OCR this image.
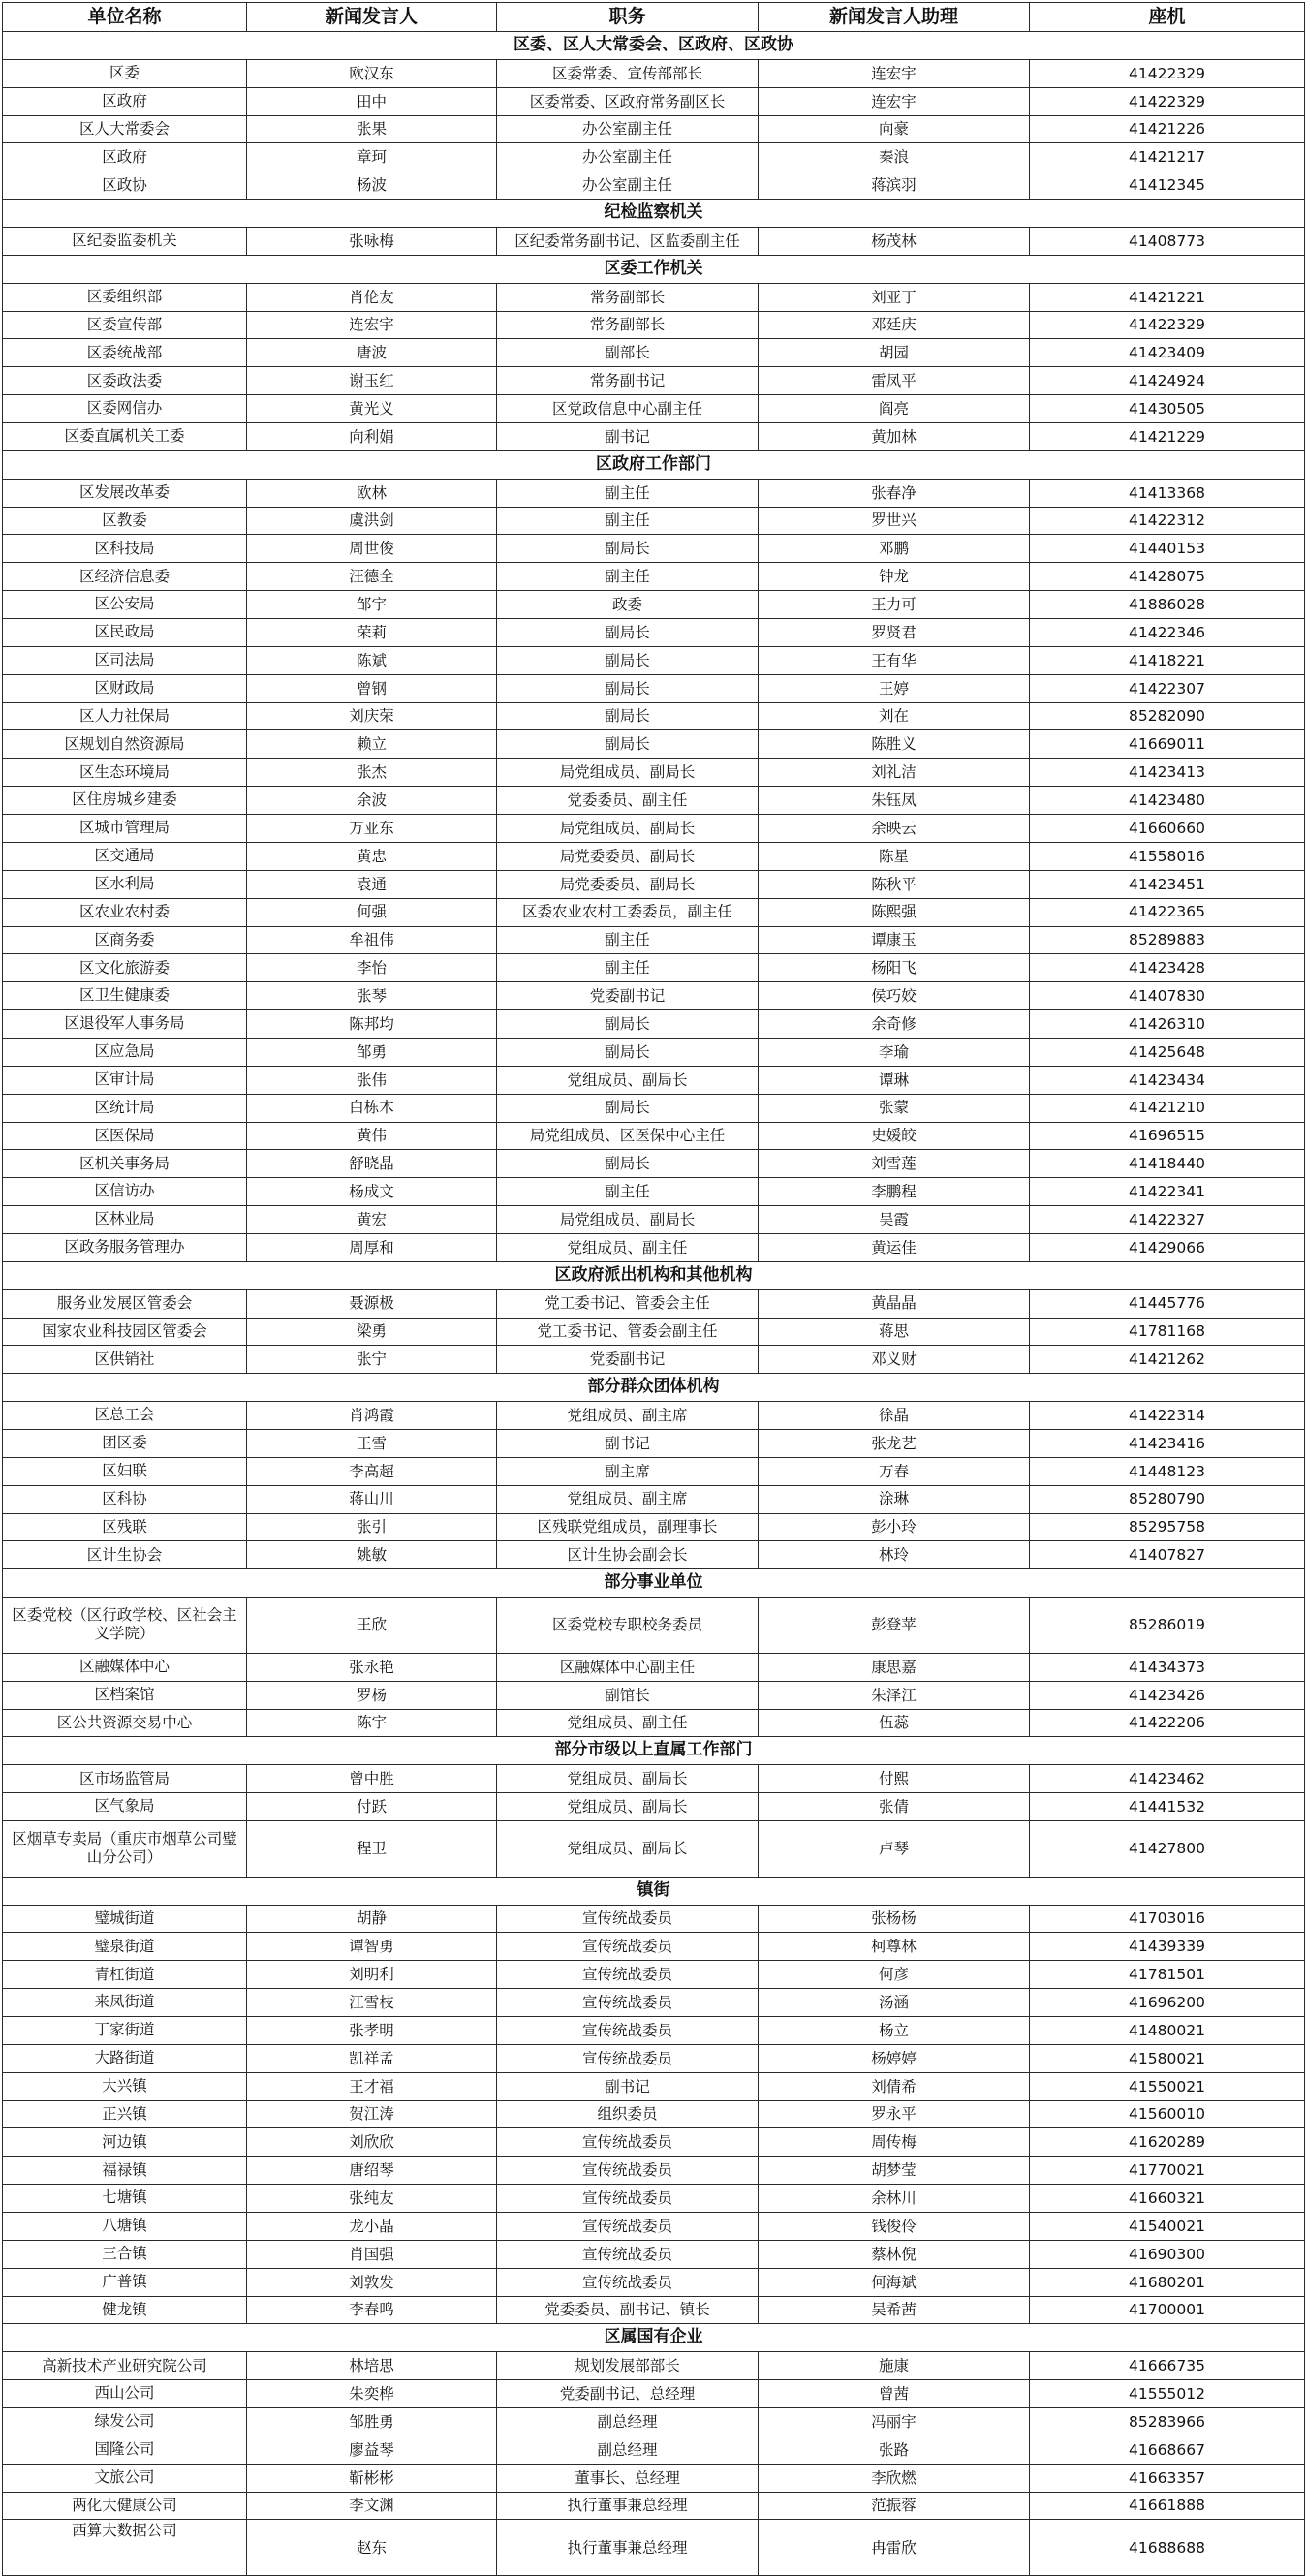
单位名称	新闻发言人	职务	新闻发言人助理	座机
区委、区人大常委会、区政府、区政协				
区委	欧汉东	区委常委、宣传部部长	连宏宇	41422329
区政府	田中	区委常委、区政府常务副区长	连宏宇	41422329
区人大常委会	张果	办公室副主任	向豪	41421226
区政府	章珂	办公室副主任	秦浪	41421217
区政协	杨波	办公室副主任	蒋滨羽	41412345
纪检监察机关				
区纪委监委机关	张咏梅	区纪委常务副书记、区监委副主任	杨茂林	41408773
区委工作机关				
区委组织部	肖伦友	常务副部长	刘亚丁	41421221
区委宣传部	连宏宇	常务副部长	邓廷庆	41422329
区委统战部	唐波	副部长	胡园	41423409
区委政法委	谢玉红	常务副书记	雷凤平	41424924
区委网信办	黄光义	区党政信息中心副主任	阎亮	41430505
区委直属机关工委	向利娟	副书记	黄加林	41421229
区政府工作部门				
区发展改革委	欧林	副主任	张春净	41413368
区教委	虞洪剑	副主任	罗世兴	41422312
区科技局	周世俊	副局长	邓鹏	41440153
区经济信息委	汪德全	副主任	钟龙	41428075
区公安局	邹宇	政委	王力可	41886028
区民政局	荣莉	副局长	罗贤君	41422346
区司法局	陈斌	副局长	王有华	41418221
区财政局	曾钢	副局长	王婷	41422307
区人力社保局	刘庆荣	副局长	刘在	85282090
区规划自然资源局	赖立	副局长	陈胜义	41669011
区生态环境局	张杰	局党组成员、副局长	刘礼洁	41423413
区住房城乡建委	余波	党委委员、副主任	朱钰凤	41423480
区城市管理局	万亚东	局党组成员、副局长	余映云	41660660
区交通局	黄忠	局党委委员、副局长	陈星	41558016
区水利局	袁通	局党委委员、副局长	陈秋平	41423451
区农业农村委	何强	区委农业农村工委委员，副主任	陈熙强	41422365
区商务委	牟祖伟	副主任	谭康玉	85289883
区文化旅游委	李怡	副主任	杨阳飞	41423428
区卫生健康委	张琴	党委副书记	侯巧姣	41407830
区退役军人事务局	陈邦均	副局长	余奇修	41426310
区应急局	邹勇	副局长	李瑜	41425648
区审计局	张伟	党组成员、副局长	谭琳	41423434
区统计局	白栋木	副局长	张蒙	41421210
区医保局	黄伟	局党组成员、区医保中心主任	史媛皎	41696515
区机关事务局	舒晓晶	副局长	刘雪莲	41418440
区信访办	杨成文	副主任	李鹏程	41422341
区林业局	黄宏	局党组成员、副局长	吴霞	41422327
区政务服务管理办	周厚和	党组成员、副主任	黄运佳	41429066
区政府派出机构和其他机构				
服务业发展区管委会	聂源极	党工委书记、管委会主任	黄晶晶	41445776
国家农业科技园区管委会	梁勇	党工委书记、管委会副主任	蒋思	41781168
区供销社	张宁	党委副书记	邓义财	41421262
部分群众团体机构				
区总工会	肖鸿霞	党组成员、副主席	徐晶	41422314
团区委	王雪	副书记	张龙艺	41423416
区妇联	李高超	副主席	万春	41448123
区科协	蒋山川	党组成员、副主席	涂琳	85280790
区残联	张引	区残联党组成员，副理事长	彭小玲	85295758
区计生协会	姚敏	区计生协会副会长	林玲	41407827
部分事业单位				
区委党校（区行政学校、区社会主义学院）	王欣	区委党校专职校务委员	彭登苹	85286019
区融媒体中心	张永艳	区融媒体中心副主任	康思嘉	41434373
区档案馆	罗杨	副馆长	朱泽江	41423426
区公共资源交易中心	陈宇	党组成员、副主任	伍蕊	41422206
部分市级以上直属工作部门				
区市场监管局	曾中胜	党组成员、副局长	付熙	41423462
区气象局	付跃	党组成员、副局长	张倩	41441532
区烟草专卖局（重庆市烟草公司璧山分公司）	程卫	党组成员、副局长	卢琴	41427800
镇街				
璧城街道	胡静	宣传统战委员	张杨杨	41703016
璧泉街道	谭智勇	宣传统战委员	柯尊林	41439339
青杠街道	刘明利	宣传统战委员	何彦	41781501
来凤街道	江雪枝	宣传统战委员	汤涵	41696200
丁家街道	张孝明	宣传统战委员	杨立	41480021
大路街道	凯祥孟	宣传统战委员	杨婷婷	41580021
大兴镇	王才福	副书记	刘倩希	41550021
正兴镇	贺江涛	组织委员	罗永平	41560010
河边镇	刘欣欣	宣传统战委员	周传梅	41620289
福禄镇	唐绍琴	宣传统战委员	胡梦莹	41770021
七塘镇	张纯友	宣传统战委员	余林川	41660321
八塘镇	龙小晶	宣传统战委员	钱俊伶	41540021
三合镇	肖国强	宣传统战委员	蔡林倪	41690300
广普镇	刘敦发	宣传统战委员	何海斌	41680201
健龙镇	李春鸣	党委委员、副书记、镇长	吴希茜	41700001
区属国有企业				
高新技术产业研究院公司	林培思	规划发展部部长	施康	41666735
西山公司	朱奕桦	党委副书记、总经理	曾茜	41555012
绿发公司	邹胜勇	副总经理	冯丽宇	85283966
国隆公司	廖益琴	副总经理	张路	41668667
文旅公司	靳彬彬	董事长、总经理	李欣燃	41663357
两化大健康公司	李文渊	执行董事兼总经理	范振蓉	41661888
西算大数据公司	赵东	执行董事兼总经理	冉雷欣	41688688
